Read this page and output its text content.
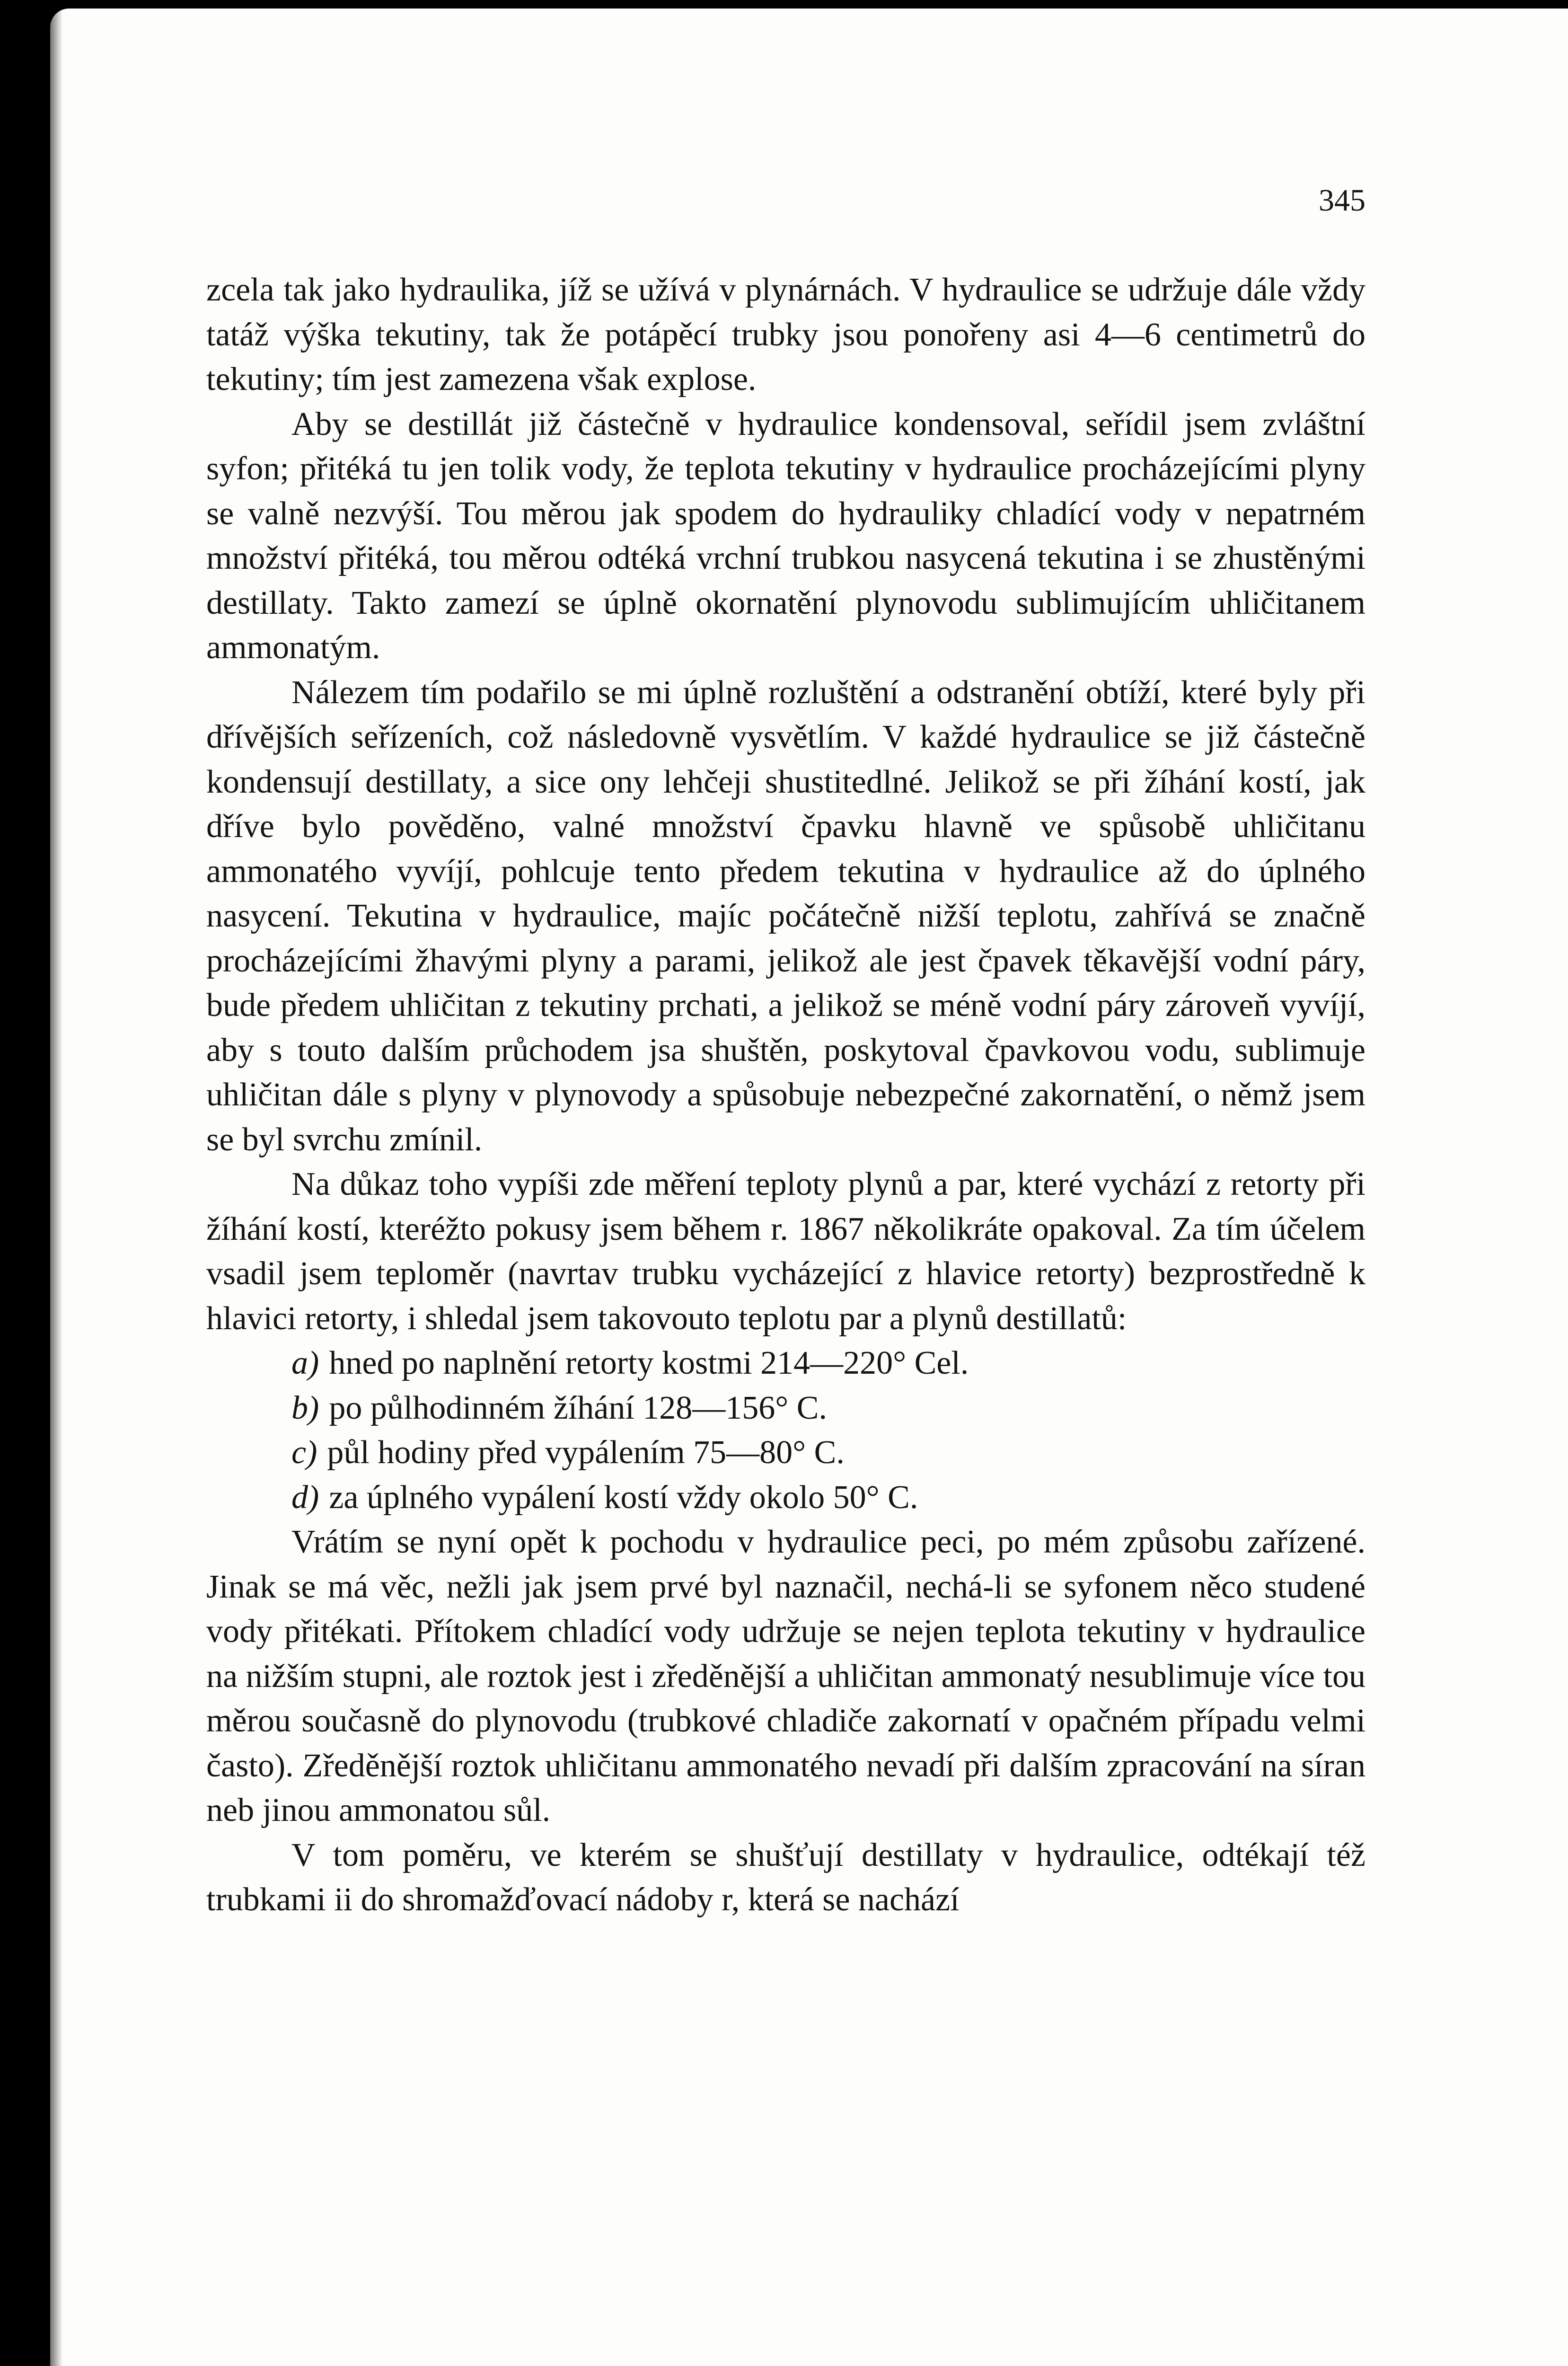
345

zcela tak jako hydraulika, jíž se užívá v plynárnách. V hydraulice se udržuje dále vždy tatáž výška tekutiny, tak že potápěcí trubky jsou ponořeny asi 4—6 centimetrů do tekutiny; tím jest zamezena však explose.

Aby se destillát již částečně v hydraulice kondensoval, seřídil jsem zvláštní syfon; přitéká tu jen tolik vody, že teplota tekutiny v hydraulice procházejícími plyny se valně nezvýší. Tou měrou jak spodem do hydrauliky chladící vody v nepatrném množství přitéká, tou měrou odtéká vrchní trubkou nasycená tekutina i se zhustěnými destillaty. Takto zamezí se úplně okornatění plynovodu sublimujícím uhličitanem ammonatým.

Nálezem tím podařilo se mi úplně rozluštění a odstranění obtíží, které byly při dřívějších seřízeních, což následovně vysvětlím. V každé hydraulice se již částečně kondensují destillaty, a sice ony lehčeji shustitedlné. Jelikož se při žíhání kostí, jak dříve bylo pověděno, valné množství čpavku hlavně ve spůsobě uhličitanu ammonatého vyvíjí, pohlcuje tento předem tekutina v hydraulice až do úplného nasycení. Tekutina v hydraulice, majíc počátečně nižší teplotu, zahřívá se značně procházejícími žhavými plyny a parami, jelikož ale jest čpavek těkavější vodní páry, bude předem uhličitan z tekutiny prchati, a jelikož se méně vodní páry zároveň vyvíjí, aby s touto dalším průchodem jsa shuštěn, poskytoval čpavkovou vodu, sublimuje uhličitan dále s plyny v plynovody a spůsobuje nebezpečné zakornatění, o němž jsem se byl svrchu zmínil.

Na důkaz toho vypíši zde měření teploty plynů a par, které vychází z retorty při žíhání kostí, kteréžto pokusy jsem během r. 1867 několikráte opakoval. Za tím účelem vsadil jsem teploměr (navrtav trubku vycházející z hlavice retorty) bezprostředně k hlavici retorty, i shledal jsem takovouto teplotu par a plynů destillatů:

a) hned po naplnění retorty kostmi 214—220° Cel.

b) po půlhodinném žíhání 128—156° C.

c) půl hodiny před vypálením 75—80° C.

d) za úplného vypálení kostí vždy okolo 50° C.

Vrátím se nyní opět k pochodu v hydraulice peci, po mém způsobu zařízené. Jinak se má věc, nežli jak jsem prvé byl naznačil, nechá-li se syfonem něco studené vody přitékati. Přítokem chladící vody udržuje se nejen teplota tekutiny v hydraulice na nižším stupni, ale roztok jest i zředěnější a uhličitan ammonatý nesublimuje více tou měrou současně do plynovodu (trubkové chladiče zakornatí v opačném případu velmi často). Zředěnější roztok uhličitanu ammonatého nevadí při dalším zpracování na síran neb jinou ammonatou sůl.

V tom poměru, ve kterém se shušťují destillaty v hydraulice, odtékají též trubkami ii do shromažďovací nádoby r, která se nachází
